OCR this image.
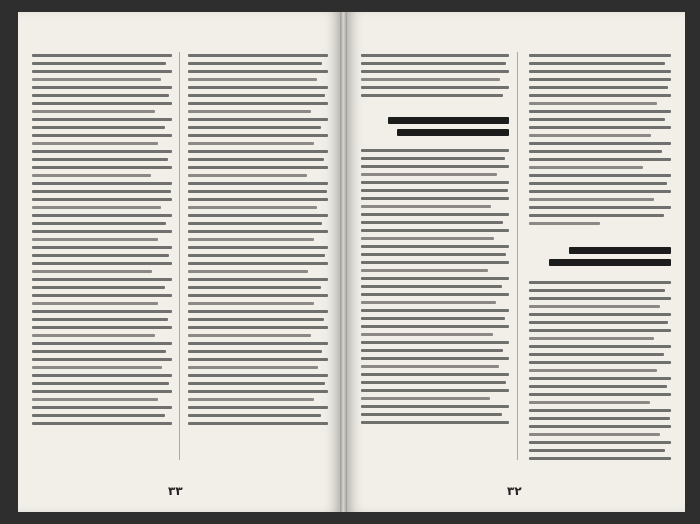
٣٣	٣٢
